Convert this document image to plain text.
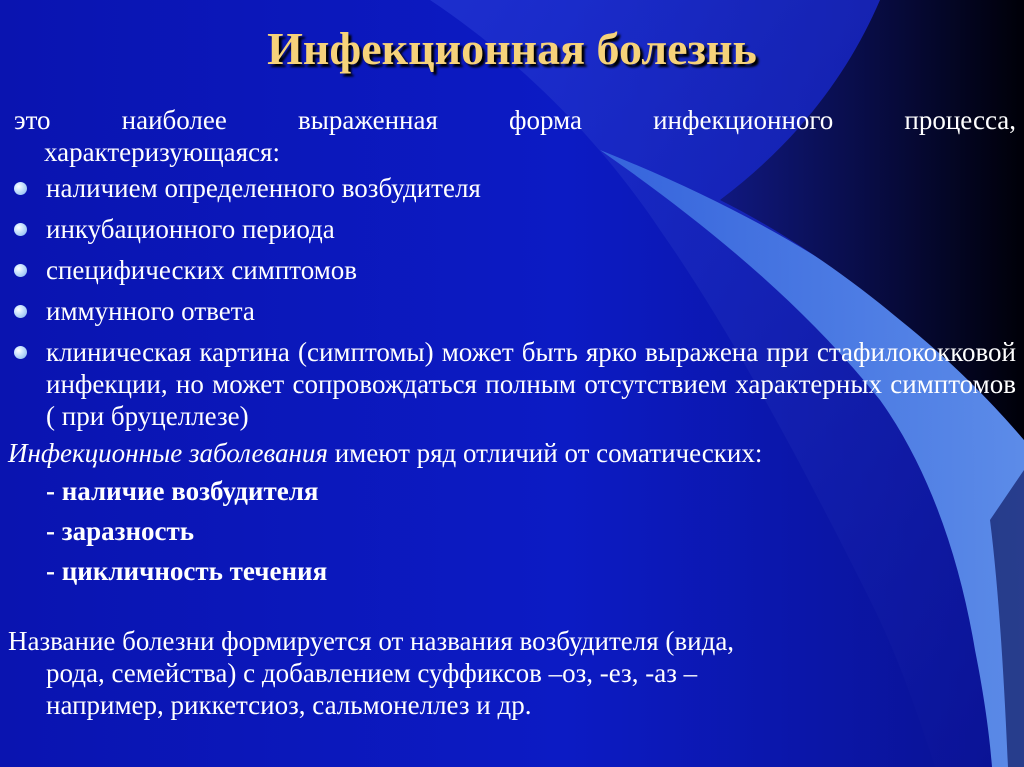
Инфекционная болезнь
это наиболее выраженная форма инфекционного процесса,
характеризующаяся:
наличием определенного возбудителя
инкубационного периода
специфических симптомов
иммунного ответа
клиническая картина (симптомы) может быть ярко выражена при стафилококковой инфекции, но может сопровождаться полным отсутствием характерных симптомов ( при бруцеллезе)
Инфекционные заболевания имеют ряд отличий от соматических:
- наличие возбудителя
- заразность
- цикличность течения
Название болезни формируется от названия возбудителя (вида,
рода, семейства) с добавлением суффиксов –оз, -ез, -аз –
например, риккетсиоз, сальмонеллез и др.
